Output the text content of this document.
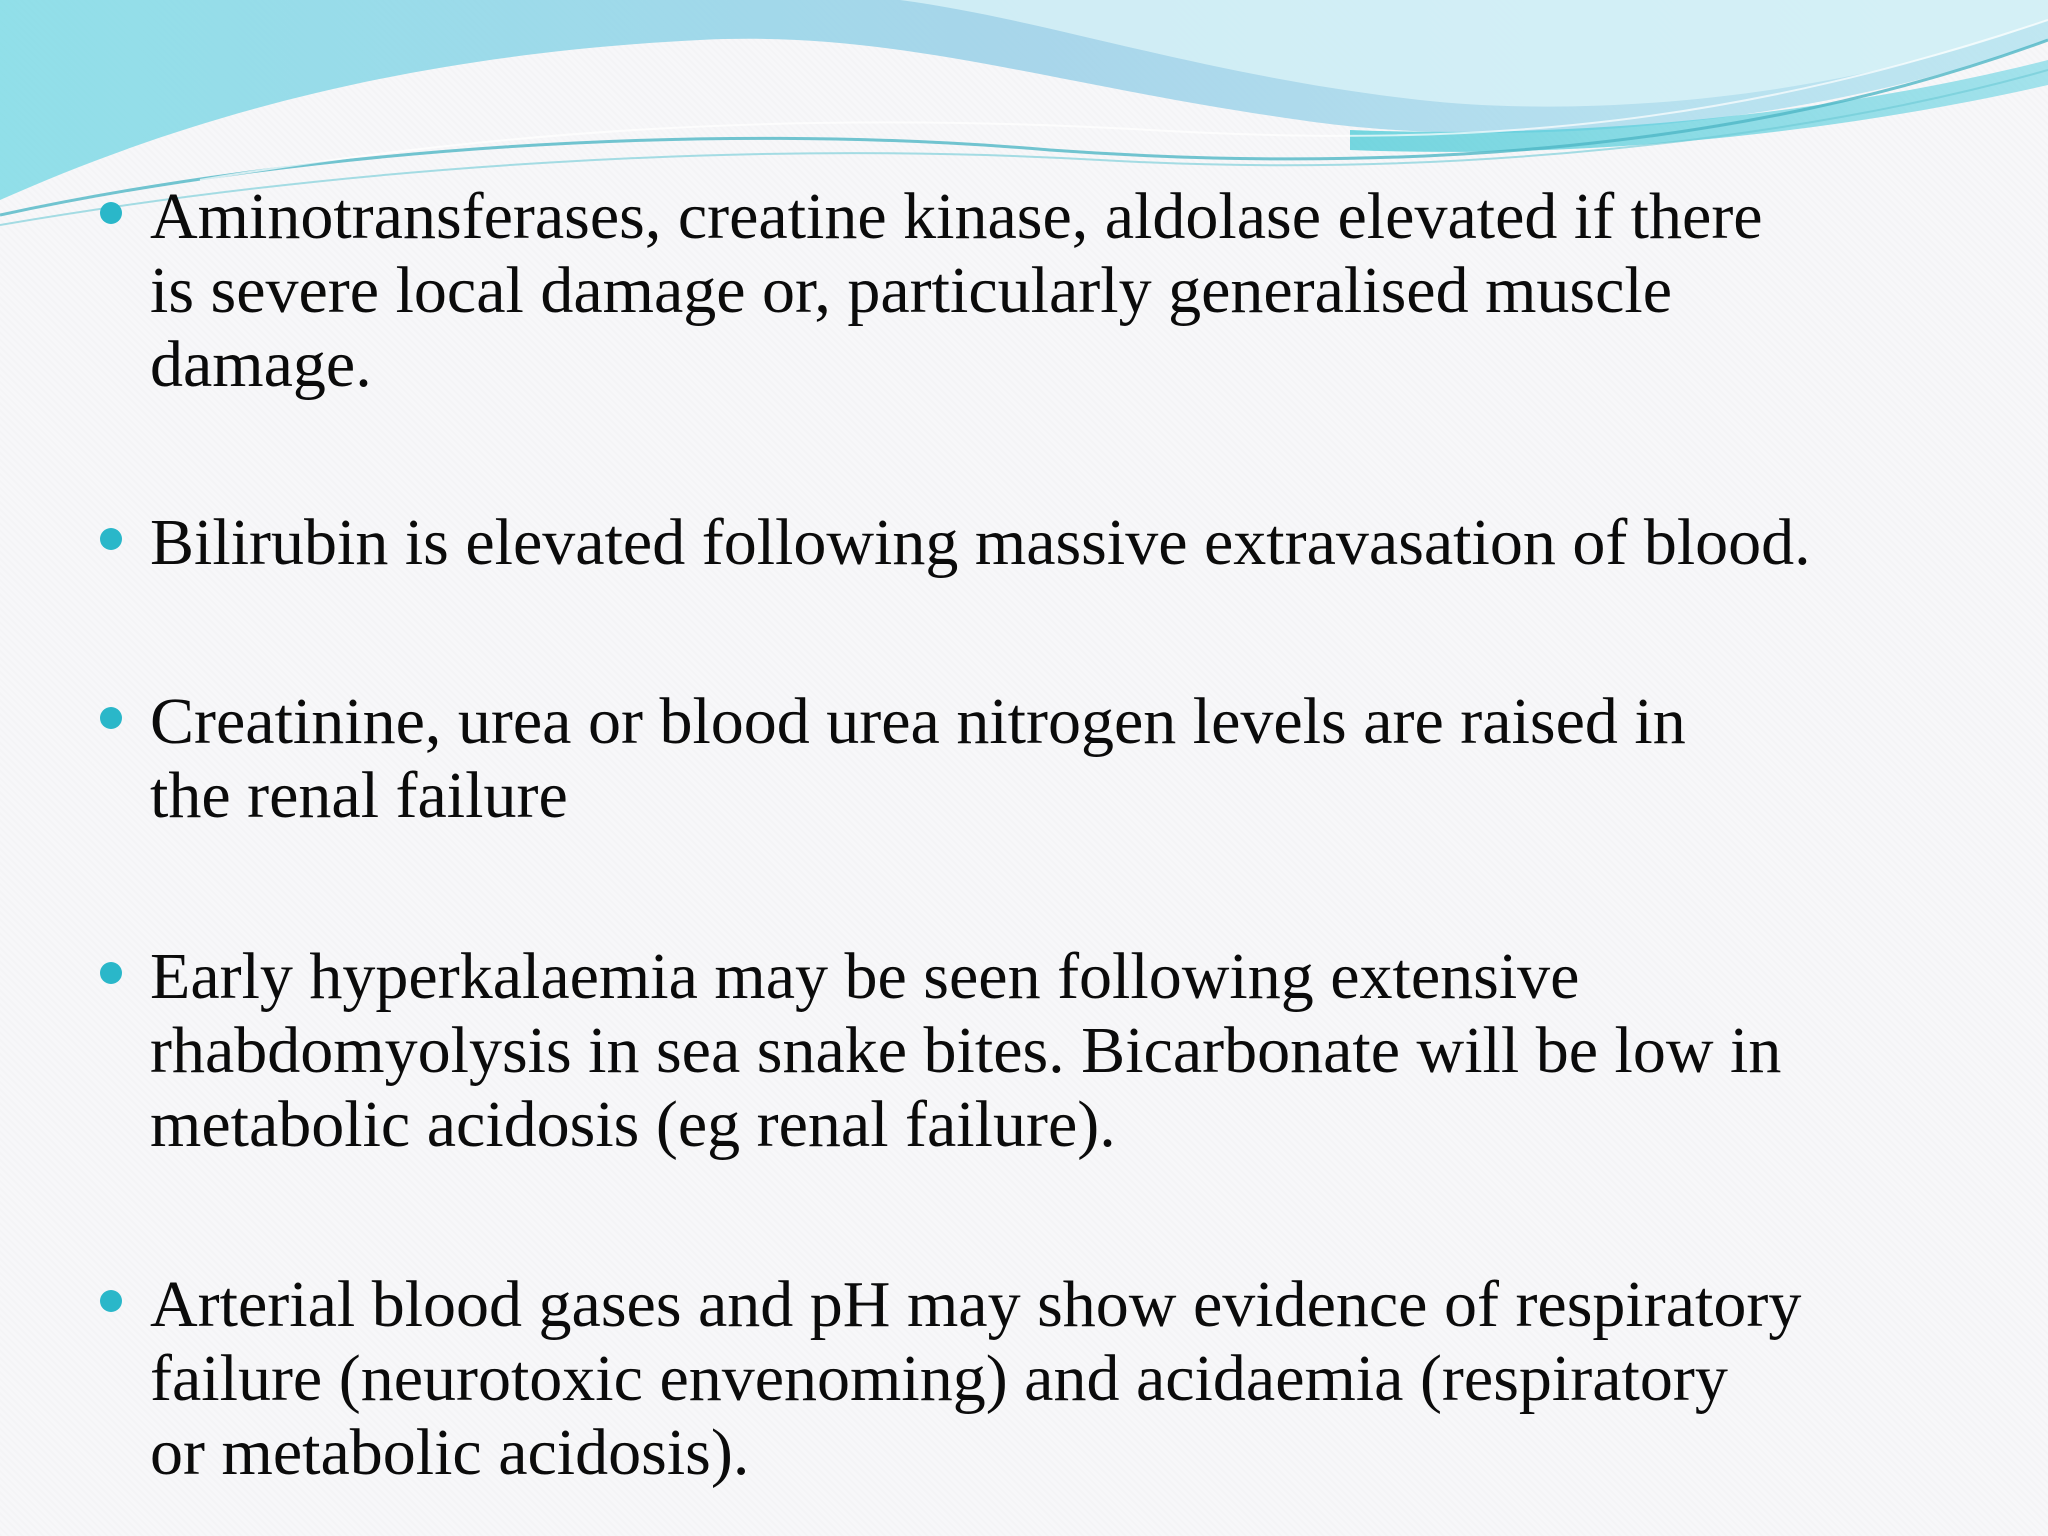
Aminotransferases, creatine kinase, aldolase elevated if there
is severe local damage or, particularly generalised muscle
damage.
Bilirubin is elevated following massive extravasation of blood.
Creatinine, urea or blood urea nitrogen levels are raised in
the renal failure
Early hyperkalaemia may be seen following extensive
rhabdomyolysis in sea snake bites. Bicarbonate will be low in
metabolic acidosis (eg renal failure).
Arterial blood gases and pH may show evidence of respiratory
failure (neurotoxic envenoming) and acidaemia (respiratory
or metabolic acidosis).
